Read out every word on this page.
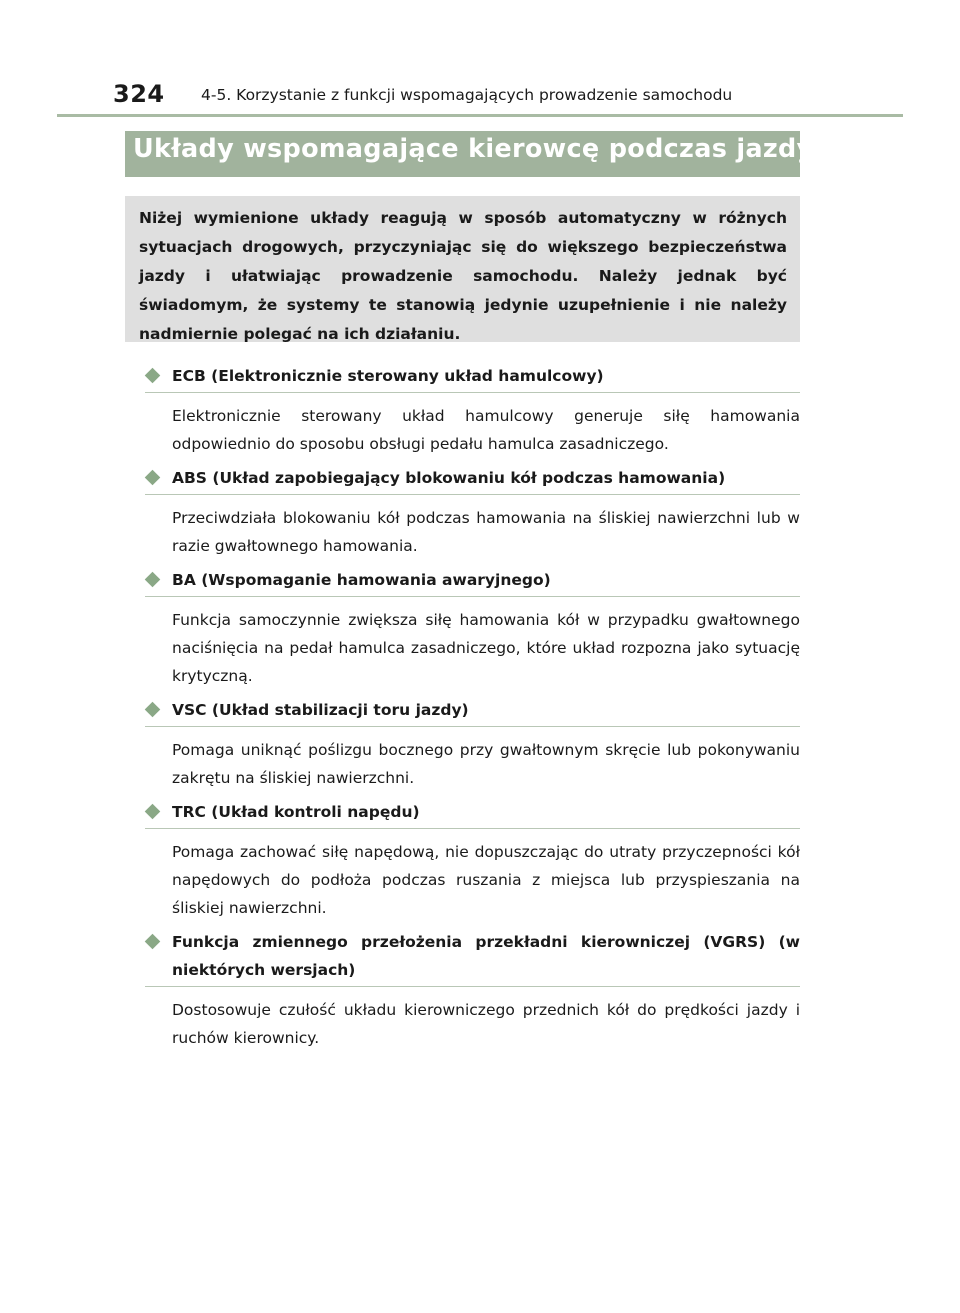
324 4-5. Korzystanie z funkcji wspomagających prowadzenie samochodu
Układy wspomagające kierowcę podczas jazdy
Niżej wymienione układy reagują w sposób automatyczny w różnych sytuacjach drogowych, przyczyniając się do większego bezpieczeństwa jazdy i ułatwiając prowadzenie samochodu. Należy jednak być świadomym, że systemy te stanowią jedynie uzupełnienie i nie należy nadmiernie polegać na ich działaniu.
ECB (Elektronicznie sterowany układ hamulcowy)
Elektronicznie sterowany układ hamulcowy generuje siłę hamowania odpowiednio do sposobu obsługi pedału hamulca zasadniczego.
ABS (Układ zapobiegający blokowaniu kół podczas hamowania)
Przeciwdziała blokowaniu kół podczas hamowania na śliskiej nawierzchni lub w razie gwałtownego hamowania.
BA (Wspomaganie hamowania awaryjnego)
Funkcja samoczynnie zwiększa siłę hamowania kół w przypadku gwałtownego naciśnięcia na pedał hamulca zasadniczego, które układ rozpozna jako sytuację krytyczną.
VSC (Układ stabilizacji toru jazdy)
Pomaga uniknąć poślizgu bocznego przy gwałtownym skręcie lub pokonywaniu zakrętu na śliskiej nawierzchni.
TRC (Układ kontroli napędu)
Pomaga zachować siłę napędową, nie dopuszczając do utraty przyczepności kół napędowych do podłoża podczas ruszania z miejsca lub przyspieszania na śliskiej nawierzchni.
Funkcja zmiennego przełożenia przekładni kierowniczej (VGRS) (w niektórych wersjach)
Dostosowuje czułość układu kierowniczego przednich kół do prędkości jazdy i ruchów kierownicy.
